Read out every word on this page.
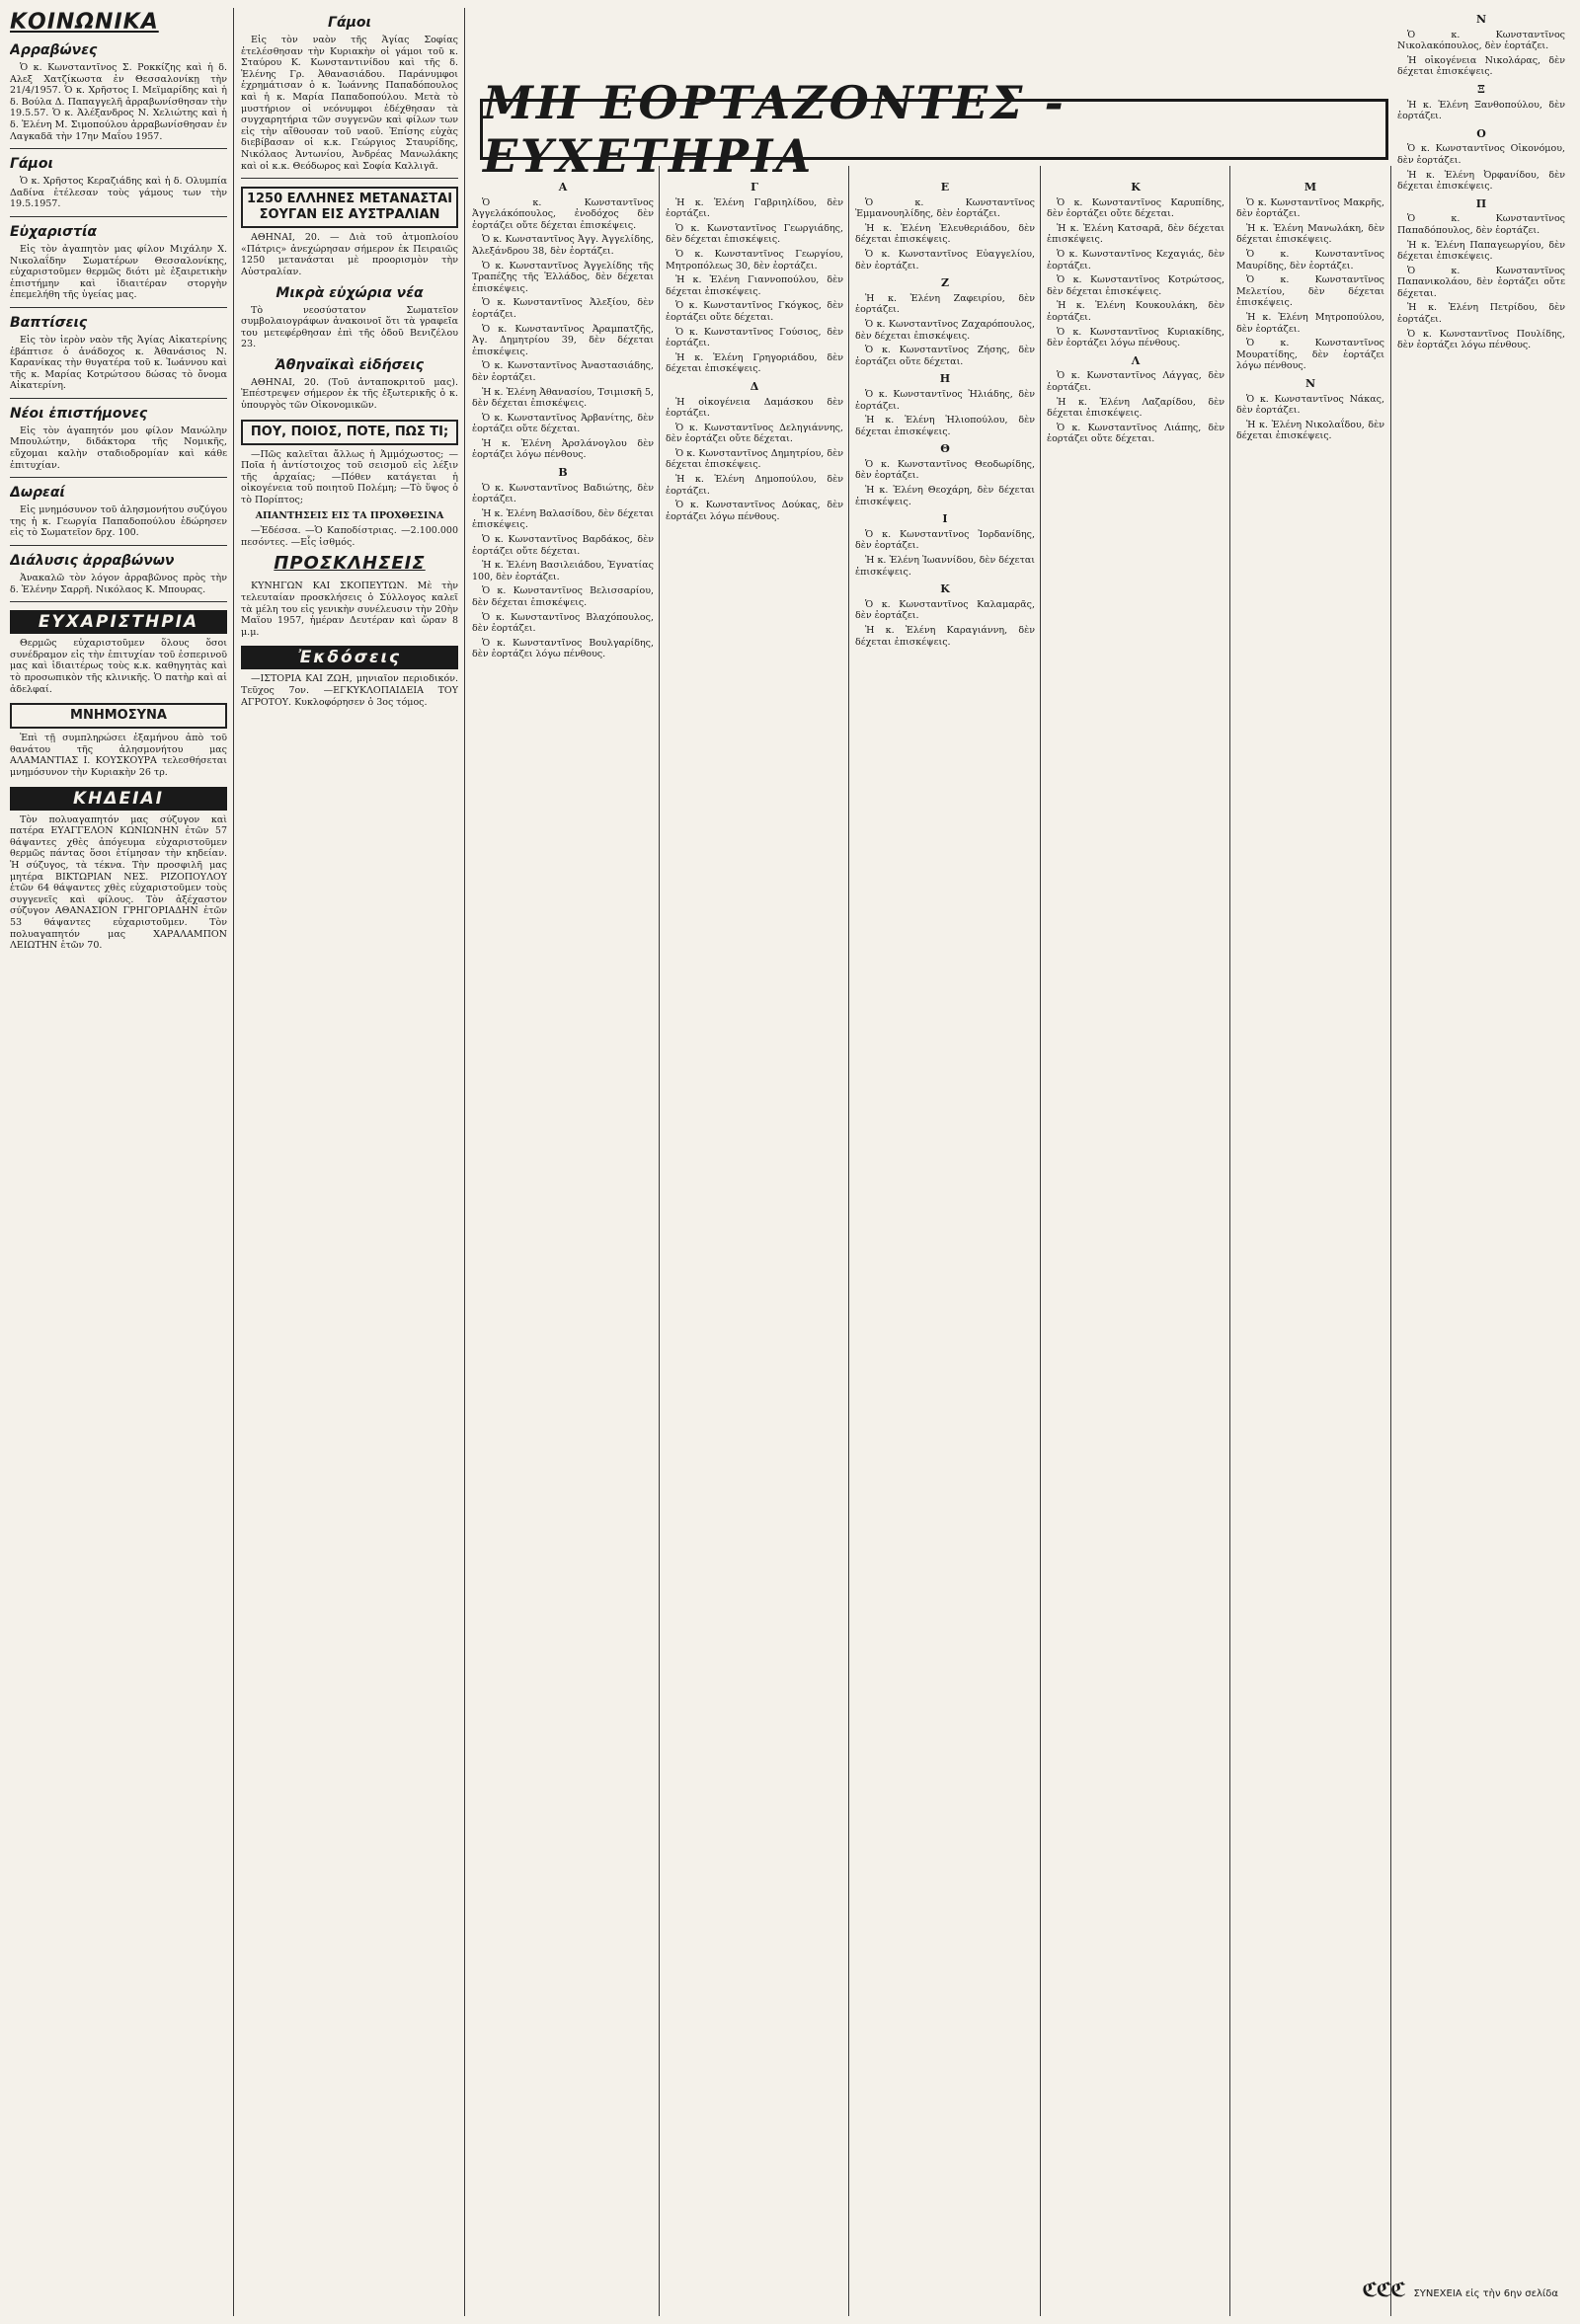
ΚΟΙΝΩΝΙΚΑ
Αρραβώνες

Ὁ κ. Κωνσταντῖνος Σ. Ροκκίζης καὶ ἡ δ. Αλεξ Χατζίκωστα ἐν Θεσσαλονίκῃ τὴν 21/4/1957. Ὁ κ. Χρῆστος Ι. Μεϊμαρίδης καὶ ἡ δ. Βούλα Δ. Παπαγγελῆ ἀρραβωνίσθησαν τὴν 19.5.57. Ὁ κ. Ἀλέξανδρος Ν. Χελιώτης καὶ ἡ δ. Ἑλένη Μ. Σιμοπούλου ἀρραβωνίσθησαν ἐν Λαγκαδᾶ τὴν 17ην Μαΐου 1957.

Γάμοι

Ὁ κ. Χρῆστος Κεραζιάδης καὶ ἡ δ. Ολυμπία Δαδίνα ἐτέλεσαν τοὺς γάμους των τὴν 19.5.1957.

Εὐχαριστία

Εἰς τὸν ἀγαπητὸν μας φίλον Μιχάλην Χ. Νικολαΐδην Σωματέρων Θεσσαλονίκης, εὐχαριστοῦμεν θερμῶς διότι μὲ ἐξαιρετικὴν ἐπιστήμην καὶ ἰδιαιτέραν στοργὴν ἐπεμελήθη τῆς ὑγείας μας.

Βαπτίσεις

Εἰς τὸν ἱερὸν ναὸν τῆς Ἁγίας Αἰκατερίνης ἐβάπτισε ὁ ἀνάδοχος κ. Ἀθανάσιος Ν. Καρανίκας τὴν θυγατέρα τοῦ κ. Ἰωάννου καὶ τῆς κ. Μαρίας Κοτρώτσου δώσας τὸ ὄνομα Αἰκατερίνη.

Νέοι ἐπιστήμονες

Εἰς τὸν ἀγαπητόν μου φίλον Μανώλην Μπουλώτην, διδάκτορα τῆς Νομικῆς, εὔχομαι καλὴν σταδιοδρομίαν καὶ κάθε ἐπιτυχίαν.

Δωρεαί

Εἰς μνημόσυνον τοῦ ἀλησμονήτου συζύγου της ἡ κ. Γεωργία Παπαδοπούλου ἐδώρησεν εἰς τὸ Σωματεῖον δρχ. 100.

Διάλυσις ἀρραβώνων

Ἀνακαλῶ τὸν λόγον ἀρραβῶνος πρὸς τὴν δ. Ἑλένην Σαρρῆ. Νικόλαος Κ. Μπουρας.

ΕΥΧΑΡΙΣΤΗΡΙΑ

Θερμῶς εὐχαριστοῦμεν ὅλους ὅσοι συνέδραμον εἰς τὴν ἐπιτυχίαν τοῦ ἑσπερινοῦ μας καὶ ἰδιαιτέρως τοὺς κ.κ. καθηγητὰς καὶ τὸ προσωπικὸν τῆς κλινικῆς. Ὁ πατὴρ καὶ αἱ ἀδελφαί.

ΜΝΗΜΟΣΥΝΑ

Ἐπὶ τῇ συμπληρώσει ἐξαμήνου ἀπὸ τοῦ θανάτου τῆς ἀλησμονήτου μας ΑΛΑΜΑΝΤΙΑΣ Ι. ΚΟΥΣΚΟΥΡΑ τελεσθήσεται μνημόσυνον τὴν Κυριακὴν 26 τρ.

ΚΗΔΕΙΑΙ

Τὸν πολυαγαπητόν μας σύζυγον καὶ πατέρα ΕΥΑΓΓΕΛΟΝ ΚΩΝΙΩΝΗΝ ἐτῶν 57 θάψαντες χθὲς ἀπόγευμα εὐχαριστοῦμεν θερμῶς πάντας ὅσοι ἐτίμησαν τὴν κηδείαν. Ἡ σύζυγος, τὰ τέκνα. Τὴν προσφιλῆ μας μητέρα ΒΙΚΤΩΡΙΑΝ ΝΕΣ. ΡΙΖΟΠΟΥΛΟΥ ἐτῶν 64 θάψαντες χθὲς εὐχαριστοῦμεν τοὺς συγγενεῖς καὶ φίλους. Τὸν ἀξέχαστον σύζυγον ΑΘΑΝΑΣΙΟΝ ΓΡΗΓΟΡΙΑΔΗΝ ἐτῶν 53 θάψαντες εὐχαριστοῦμεν. Τὸν πολυαγαπητόν μας ΧΑΡΑΛΑΜΠΟΝ ΛΕΙΩΤΗΝ ἐτῶν 70.

Γάμοι

Εἰς τὸν ναὸν τῆς Ἁγίας Σοφίας ἐτελέσθησαν τὴν Κυριακὴν οἱ γάμοι τοῦ κ. Σταύρου Κ. Κωνσταντινίδου καὶ τῆς δ. Ἑλένης Γρ. Ἀθανασιάδου. Παράνυμφοι ἐχρημάτισαν ὁ κ. Ἰωάννης Παπαδόπουλος καὶ ἡ κ. Μαρία Παπαδοπούλου. Μετὰ τὸ μυστήριον οἱ νεόνυμφοι ἐδέχθησαν τὰ συγχαρητήρια τῶν συγγενῶν καὶ φίλων των εἰς τὴν αἴθουσαν τοῦ ναοῦ. Ἐπίσης εὐχὰς διεβίβασαν οἱ κ.κ. Γεώργιος Σταυρίδης, Νικόλαος Ἀντωνίου, Ἀνδρέας Μανωλάκης καὶ οἱ κ.κ. Θεόδωρος καὶ Σοφία Καλλιγᾶ.

1250 ΕΛΛΗΝΕΣ ΜΕΤΑΝΑΣΤΑΙ ΣΟΥΓΑΝ ΕΙΣ ΑΥΣΤΡΑΛΙΑΝ

ΑΘΗΝΑΙ, 20. — Διὰ τοῦ ἀτμοπλοίου «Πάτρις» ἀνεχώρησαν σήμερον ἐκ Πειραιῶς 1250 μετανάσται μὲ προορισμὸν τὴν Αὐστραλίαν.

Μικρὰ εὐχώρια νέα

Τὸ νεοσύστατον Σωματεῖον συμβολαιογράφων ἀνακοινοῖ ὅτι τὰ γραφεῖα του μετεφέρθησαν ἐπὶ τῆς ὁδοῦ Βενιζέλου 23.

Ἀθηναϊκαὶ εἰδήσεις

ΑΘΗΝΑΙ, 20. (Τοῦ ἀνταποκριτοῦ μας). Ἐπέστρεψεν σήμερον ἐκ τῆς ἐξωτερικῆς ὁ κ. ὑπουργὸς τῶν Οἰκονομικῶν.

ΠΟΥ, ΠΟΙΟΣ, ΠΟΤΕ, ΠΩΣ ΤΙ;

—Πῶς καλεῖται ἄλλως ἡ Ἀμμόχωστος; —Ποῖα ἡ ἀντίστοιχος τοῦ σεισμοῦ εἰς λέξιν τῆς ἀρχαίας; —Πόθεν κατάγεται ἡ οἰκογένεια τοῦ ποιητοῦ Πολέμη; —Τὸ ὕψος ὁ τὸ Πορίπτος;

ΑΠΑΝΤΗΣΕΙΣ ΕΙΣ ΤΑ ΠΡΟΧΘΕΣΙΝΑ

—Ἐδέσσα. —Ὁ Καποδίστριας. —2.100.000 πεσόντες. —Εἷς ἰσθμός.

ΠΡΟΣΚΛΗΣΕΙΣ

ΚΥΝΗΓΩΝ ΚΑΙ ΣΚΟΠΕΥΤΩΝ. Μὲ τὴν τελευταίαν προσκλήσεις ὁ Σύλλογος καλεῖ τὰ μέλη του εἰς γενικὴν συνέλευσιν τὴν 20ὴν Μαΐου 1957, ἡμέραν Δευτέραν καὶ ὥραν 8 μ.μ.

Ἐκδόσεις

—ΙΣΤΟΡΙΑ ΚΑΙ ΖΩΗ, μηνιαῖον περιοδικόν. Τεῦχος 7ον. —ΕΓΚΥΚΛΟΠΑΙΔΕΙΑ ΤΟΥ ΑΓΡΟΤΟΥ. Κυκλοφόρησεν ὁ 3ος τόμος.

ΜΗ ΕΟΡΤΑΖΟΝΤΕΣ - ΕΥΧΕΤΗΡΙΑ
Α

Ὁ κ. Κωνσταντῖνος Ἀγγελάκόπουλος, ἐνοδόχος δὲν ἑορτάζει οὔτε δέχεται ἐπισκέψεις.

Ὁ κ. Κωνσταντῖνος Ἀγγ. Ἀγγελίδης, Ἀλεξάνδρου 38, δὲν ἑορτάζει.

Ὁ κ. Κωνσταντῖνος Ἀγγελίδης τῆς Τραπέζης τῆς Ἑλλάδος, δὲν δέχεται ἐπισκέψεις.

Ὁ κ. Κωνσταντῖνος Ἀλεξίου, δὲν ἑορτάζει.

Ὁ κ. Κωνσταντῖνος Ἀραμπατζῆς, Ἀγ. Δημητρίου 39, δὲν δέχεται ἐπισκέψεις.

Ὁ κ. Κωνσταντῖνος Ἀναστασιάδης, δὲν ἑορτάζει.

Ἡ κ. Ἑλένη Ἀθανασίου, Τσιμισκῆ 5, δὲν δέχεται ἐπισκέψεις.

Ὁ κ. Κωνσταντῖνος Ἀρβανίτης, δὲν ἑορτάζει οὔτε δέχεται.

Ἡ κ. Ἑλένη Ἀρσλάνογλου δὲν ἑορτάζει λόγω πένθους.

Β

Ὁ κ. Κωνσταντῖνος Βαδιώτης, δὲν ἑορτάζει.

Ἡ κ. Ἑλένη Βαλασίδου, δὲν δέχεται ἐπισκέψεις.

Ὁ κ. Κωνσταντῖνος Βαρδάκος, δὲν ἑορτάζει οὔτε δέχεται.

Ἡ κ. Ἑλένη Βασιλειάδου, Ἐγνατίας 100, δὲν ἑορτάζει.

Ὁ κ. Κωνσταντῖνος Βελισσαρίου, δὲν δέχεται ἐπισκέψεις.

Ὁ κ. Κωνσταντῖνος Βλαχόπουλος, δὲν ἑορτάζει.

Ὁ κ. Κωνσταντῖνος Βουλγαρίδης, δὲν ἑορτάζει λόγω πένθους.

Γ

Ἡ κ. Ἑλένη Γαβριηλίδου, δὲν ἑορτάζει.

Ὁ κ. Κωνσταντῖνος Γεωργιάδης, δὲν δέχεται ἐπισκέψεις.

Ὁ κ. Κωνσταντῖνος Γεωργίου, Μητροπόλεως 30, δὲν ἑορτάζει.

Ἡ κ. Ἑλένη Γιαννοπούλου, δὲν δέχεται ἐπισκέψεις.

Ὁ κ. Κωνσταντῖνος Γκόγκος, δὲν ἑορτάζει οὔτε δέχεται.

Ὁ κ. Κωνσταντῖνος Γούσιος, δὲν ἑορτάζει.

Ἡ κ. Ἑλένη Γρηγοριάδου, δὲν δέχεται ἐπισκέψεις.

Δ

Ἡ οἰκογένεια Δαμάσκου δὲν ἑορτάζει.

Ὁ κ. Κωνσταντῖνος Δεληγιάννης, δὲν ἑορτάζει οὔτε δέχεται.

Ὁ κ. Κωνσταντῖνος Δημητρίου, δὲν δέχεται ἐπισκέψεις.

Ἡ κ. Ἑλένη Δημοπούλου, δὲν ἑορτάζει.

Ὁ κ. Κωνσταντῖνος Δούκας, δὲν ἑορτάζει λόγω πένθους.

Ε

Ὁ κ. Κωνσταντῖνος Ἐμμανουηλίδης, δὲν ἑορτάζει.

Ἡ κ. Ἑλένη Ἐλευθεριάδου, δὲν δέχεται ἐπισκέψεις.

Ὁ κ. Κωνσταντῖνος Εὐαγγελίου, δὲν ἑορτάζει.

Ζ

Ἡ κ. Ἑλένη Ζαφειρίου, δὲν ἑορτάζει.

Ὁ κ. Κωνσταντῖνος Ζαχαρόπουλος, δὲν δέχεται ἐπισκέψεις.

Ὁ κ. Κωνσταντῖνος Ζήσης, δὲν ἑορτάζει οὔτε δέχεται.

Η

Ὁ κ. Κωνσταντῖνος Ἠλιάδης, δὲν ἑορτάζει.

Ἡ κ. Ἑλένη Ἡλιοπούλου, δὲν δέχεται ἐπισκέψεις.

Θ

Ὁ κ. Κωνσταντῖνος Θεοδωρίδης, δὲν ἑορτάζει.

Ἡ κ. Ἑλένη Θεοχάρη, δὲν δέχεται ἐπισκέψεις.

Ι

Ὁ κ. Κωνσταντῖνος Ἰορδανίδης, δὲν ἑορτάζει.

Ἡ κ. Ἑλένη Ἰωαννίδου, δὲν δέχεται ἐπισκέψεις.

Κ

Ὁ κ. Κωνσταντῖνος Καλαμαρᾶς, δὲν ἑορτάζει.

Ἡ κ. Ἑλένη Καραγιάννη, δὲν δέχεται ἐπισκέψεις.

Κ

Ὁ κ. Κωνσταντῖνος Καρυπίδης, δὲν ἑορτάζει οὔτε δέχεται.

Ἡ κ. Ἑλένη Κατσαρᾶ, δὲν δέχεται ἐπισκέψεις.

Ὁ κ. Κωνσταντῖνος Κεχαγιάς, δὲν ἑορτάζει.

Ὁ κ. Κωνσταντῖνος Κοτρώτσος, δὲν δέχεται ἐπισκέψεις.

Ἡ κ. Ἑλένη Κουκουλάκη, δὲν ἑορτάζει.

Ὁ κ. Κωνσταντῖνος Κυριακίδης, δὲν ἑορτάζει λόγω πένθους.

Λ

Ὁ κ. Κωνσταντῖνος Λάγγας, δὲν ἑορτάζει.

Ἡ κ. Ἑλένη Λαζαρίδου, δὲν δέχεται ἐπισκέψεις.

Ὁ κ. Κωνσταντῖνος Λιάπης, δὲν ἑορτάζει οὔτε δέχεται.

Μ

Ὁ κ. Κωνσταντῖνος Μακρῆς, δὲν ἑορτάζει.

Ἡ κ. Ἑλένη Μανωλάκη, δὲν δέχεται ἐπισκέψεις.

Ὁ κ. Κωνσταντῖνος Μαυρίδης, δὲν ἑορτάζει.

Ὁ κ. Κωνσταντῖνος Μελετίου, δὲν δέχεται ἐπισκέψεις.

Ἡ κ. Ἑλένη Μητροπούλου, δὲν ἑορτάζει.

Ὁ κ. Κωνσταντῖνος Μουρατίδης, δὲν ἑορτάζει λόγω πένθους.

Ν

Ὁ κ. Κωνσταντῖνος Νάκας, δὲν ἑορτάζει.

Ἡ κ. Ἑλένη Νικολαΐδου, δὲν δέχεται ἐπισκέψεις.

Ν

Ὁ κ. Κωνσταντῖνος Νικολακόπουλος, δὲν ἑορτάζει.

Ἡ οἰκογένεια Νικολάρας, δὲν δέχεται ἐπισκέψεις.

Ξ

Ἡ κ. Ἑλένη Ξανθοπούλου, δὲν ἑορτάζει.

Ο

Ὁ κ. Κωνσταντῖνος Οἰκονόμου, δὲν ἑορτάζει.

Ἡ κ. Ἑλένη Ὀρφανίδου, δὲν δέχεται ἐπισκέψεις.

Π

Ὁ κ. Κωνσταντῖνος Παπαδόπουλος, δὲν ἑορτάζει.

Ἡ κ. Ἑλένη Παπαγεωργίου, δὲν δέχεται ἐπισκέψεις.

Ὁ κ. Κωνσταντῖνος Παπανικολάου, δὲν ἑορτάζει οὔτε δέχεται.

Ἡ κ. Ἑλένη Πετρίδου, δὲν ἑορτάζει.

Ὁ κ. Κωνσταντῖνος Πουλίδης, δὲν ἑορτάζει λόγω πένθους.

ℭℭℭ ΣΥΝΕΧΕΙΑ εἰς τὴν 6ην σελίδα
